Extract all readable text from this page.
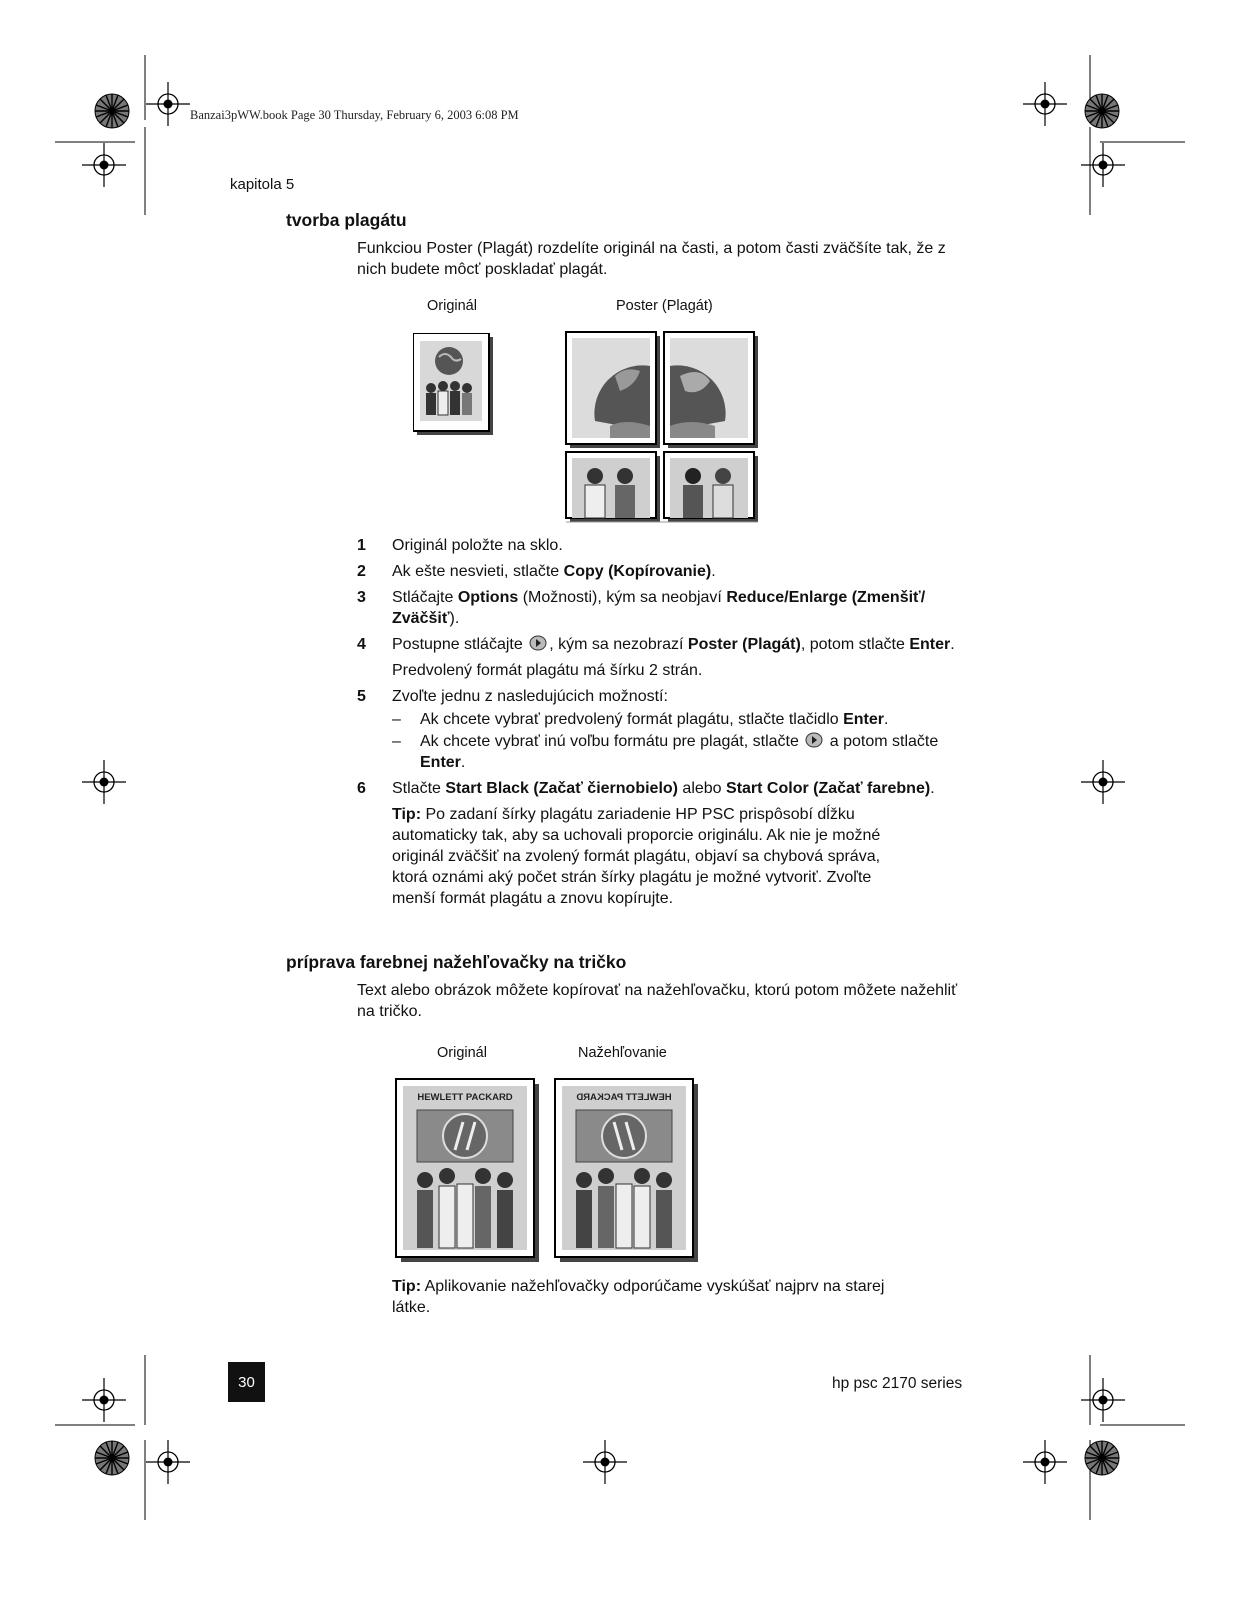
Banzai3pWW.book Page 30 Thursday, February 6, 2003 6:08 PM
kapitola 5
tvorba plagátu
Funkciou Poster (Plagát) rozdelíte originál na časti, a potom časti zväčšíte tak, že z nich budete môcť poskladať plagát.
Originál	Poster (Plagát)
1	Originál položte na sklo.
2	Ak ešte nesvieti, stlačte Copy (Kopírovanie).
3	Stláčajte Options (Možnosti), kým sa neobjaví Reduce/Enlarge (Zmenšiť/ Zväčšiť).
4	Postupne stláčajte , kým sa nezobrazí Poster (Plagát), potom stlačte Enter.
Predvolený formát plagátu má šírku 2 strán.
5	Zvoľte jednu z nasledujúcich možností:
–	Ak chcete vybrať predvolený formát plagátu, stlačte tlačidlo Enter.
–	Ak chcete vybrať inú voľbu formátu pre plagát, stlačte  a potom stlačte Enter.
6	Stlačte Start Black (Začať čiernobielo) alebo Start Color (Začať farebne).
Tip: Po zadaní šírky plagátu zariadenie HP PSC prispôsobí dĺžku automaticky tak, aby sa uchovali proporcie originálu. Ak nie je možné originál zväčšiť na zvolený formát plagátu, objaví sa chybová správa, ktorá oznámi aký počet strán šírky plagátu je možné vytvoriť. Zvoľte menší formát plagátu a znovu kopírujte.
príprava farebnej nažehľovačky na tričko
Text alebo obrázok môžete kopírovať na nažehľovačku, ktorú potom môžete nažehliť na tričko.
Originál	Nažehľovanie
HEWLETT PACKARD	HEWLETT PACKARD
Tip: Aplikovanie nažehľovačky odporúčame vyskúšať najprv na starej látke.
30	hp psc 2170 series
